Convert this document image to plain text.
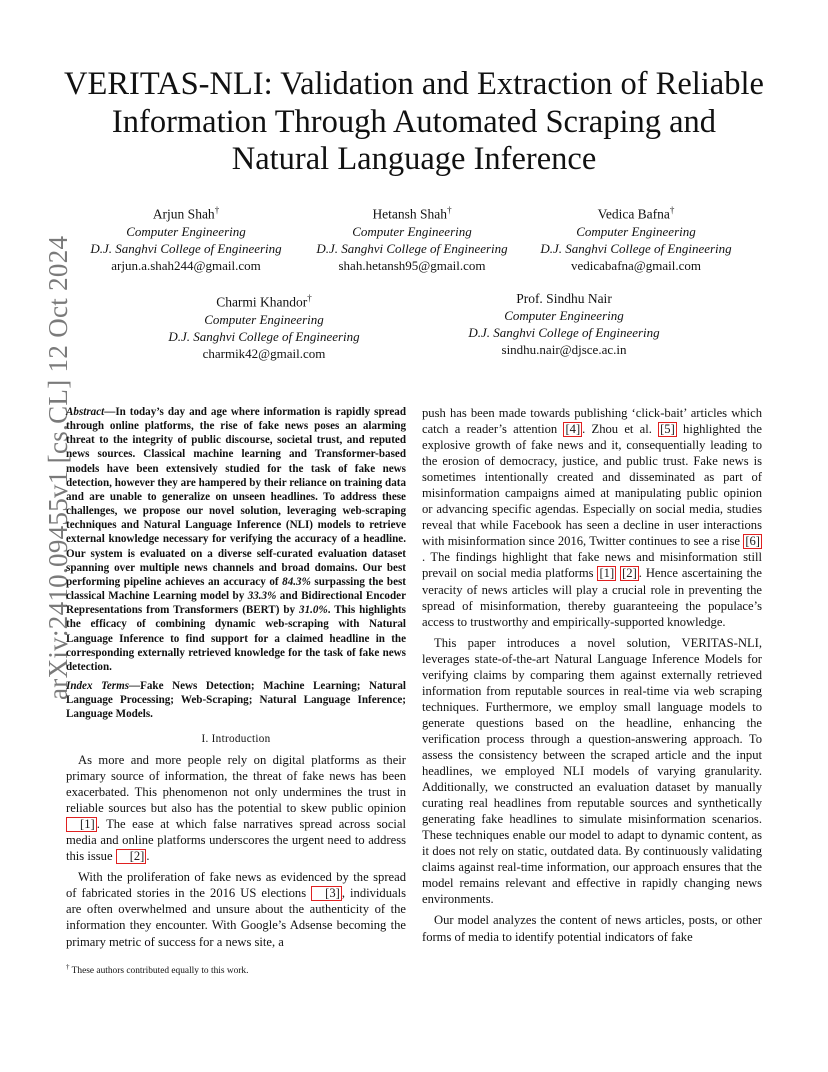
arXiv:2410.09455v1 [cs.CL] 12 Oct 2024
VERITAS-NLI: Validation and Extraction of Reliable Information Through Automated Scraping and Natural Language Inference
Arjun Shah†
Computer Engineering
D.J. Sanghvi College of Engineering
arjun.a.shah244@gmail.com
Hetansh Shah†
Computer Engineering
D.J. Sanghvi College of Engineering
shah.hetansh95@gmail.com
Vedica Bafna†
Computer Engineering
D.J. Sanghvi College of Engineering
vedicabafna@gmail.com
Charmi Khandor†
Computer Engineering
D.J. Sanghvi College of Engineering
charmik42@gmail.com
Prof. Sindhu Nair
Computer Engineering
D.J. Sanghvi College of Engineering
sindhu.nair@djsce.ac.in
Abstract—In today’s day and age where information is rapidly spread through online platforms, the rise of fake news poses an alarming threat to the integrity of public discourse, societal trust, and reputed news sources. Classical machine learning and Transformer-based models have been extensively studied for the task of fake news detection, however they are hampered by their reliance on training data and are unable to generalize on unseen headlines. To address these challenges, we propose our novel solution, leveraging web-scraping techniques and Natural Language Inference (NLI) models to retrieve external knowledge necessary for verifying the accuracy of a headline. Our system is evaluated on a diverse self-curated evaluation dataset spanning over multiple news channels and broad domains. Our best performing pipeline achieves an accuracy of 84.3% surpassing the best classical Machine Learning model by 33.3% and Bidirectional Encoder Representations from Transformers (BERT) by 31.0%. This highlights the efficacy of combining dynamic web-scraping with Natural Language Inference to find support for a claimed headline in the corresponding externally retrieved knowledge for the task of fake news detection.
Index Terms—Fake News Detection; Machine Learning; Natural Language Processing; Web-Scraping; Natural Language Inference; Language Models.
I. Introduction

As more and more people rely on digital platforms as their primary source of information, the threat of fake news has been exacerbated. This phenomenon not only undermines the trust in reliable sources but also has the potential to skew public opinion [1] . The ease at which false narratives spread across social media and online platforms underscores the urgent need to address this issue [2] .

With the proliferation of fake news as evidenced by the spread of fabricated stories in the 2016 US elections [3] , individuals are often overwhelmed and unsure about the authenticity of the information they encounter. With Google’s Adsense becoming the primary metric of success for a news site, a

push has been made towards publishing ‘click-bait’ articles which catch a reader’s attention [4] . Zhou et al. [5] highlighted the explosive growth of fake news and it, consequentially leading to the erosion of democracy, justice, and public trust. Fake news is sometimes intentionally created and disseminated as part of misinformation campaigns aimed at manipulating public opinion or advancing specific agendas. Especially on social media, studies reveal that while Facebook has seen a decline in user interactions with misinformation since 2016, Twitter continues to see a rise [6]. The findings highlight that fake news and misinformation still prevail on social media platforms [1] [2] . Hence ascertaining the veracity of news articles will play a crucial role in preventing the spread of misinformation, thereby guaranteeing the populace’s access to trustworthy and empirically-supported knowledge.

This paper introduces a novel solution, VERITAS-NLI, leverages state-of-the-art Natural Language Inference Models for verifying claims by comparing them against externally retrieved information from reputable sources in real-time via web scraping techniques. Furthermore, we employ small language models to generate questions based on the headline, enhancing the verification process through a question-answering approach. To assess the consistency between the scraped article and the input headlines, we employed NLI models of varying granularity. Additionally, we constructed an evaluation dataset by manually curating real headlines from reputable sources and synthetically generating fake headlines to simulate misinformation scenarios. These techniques enable our model to adapt to dynamic content, as it does not rely on static, outdated data. By continuously validating claims against real-time information, our approach ensures that the model remains relevant and effective in rapidly changing news environments.

Our model analyzes the content of news articles, posts, or other forms of media to identify potential indicators of fake

† These authors contributed equally to this work.
